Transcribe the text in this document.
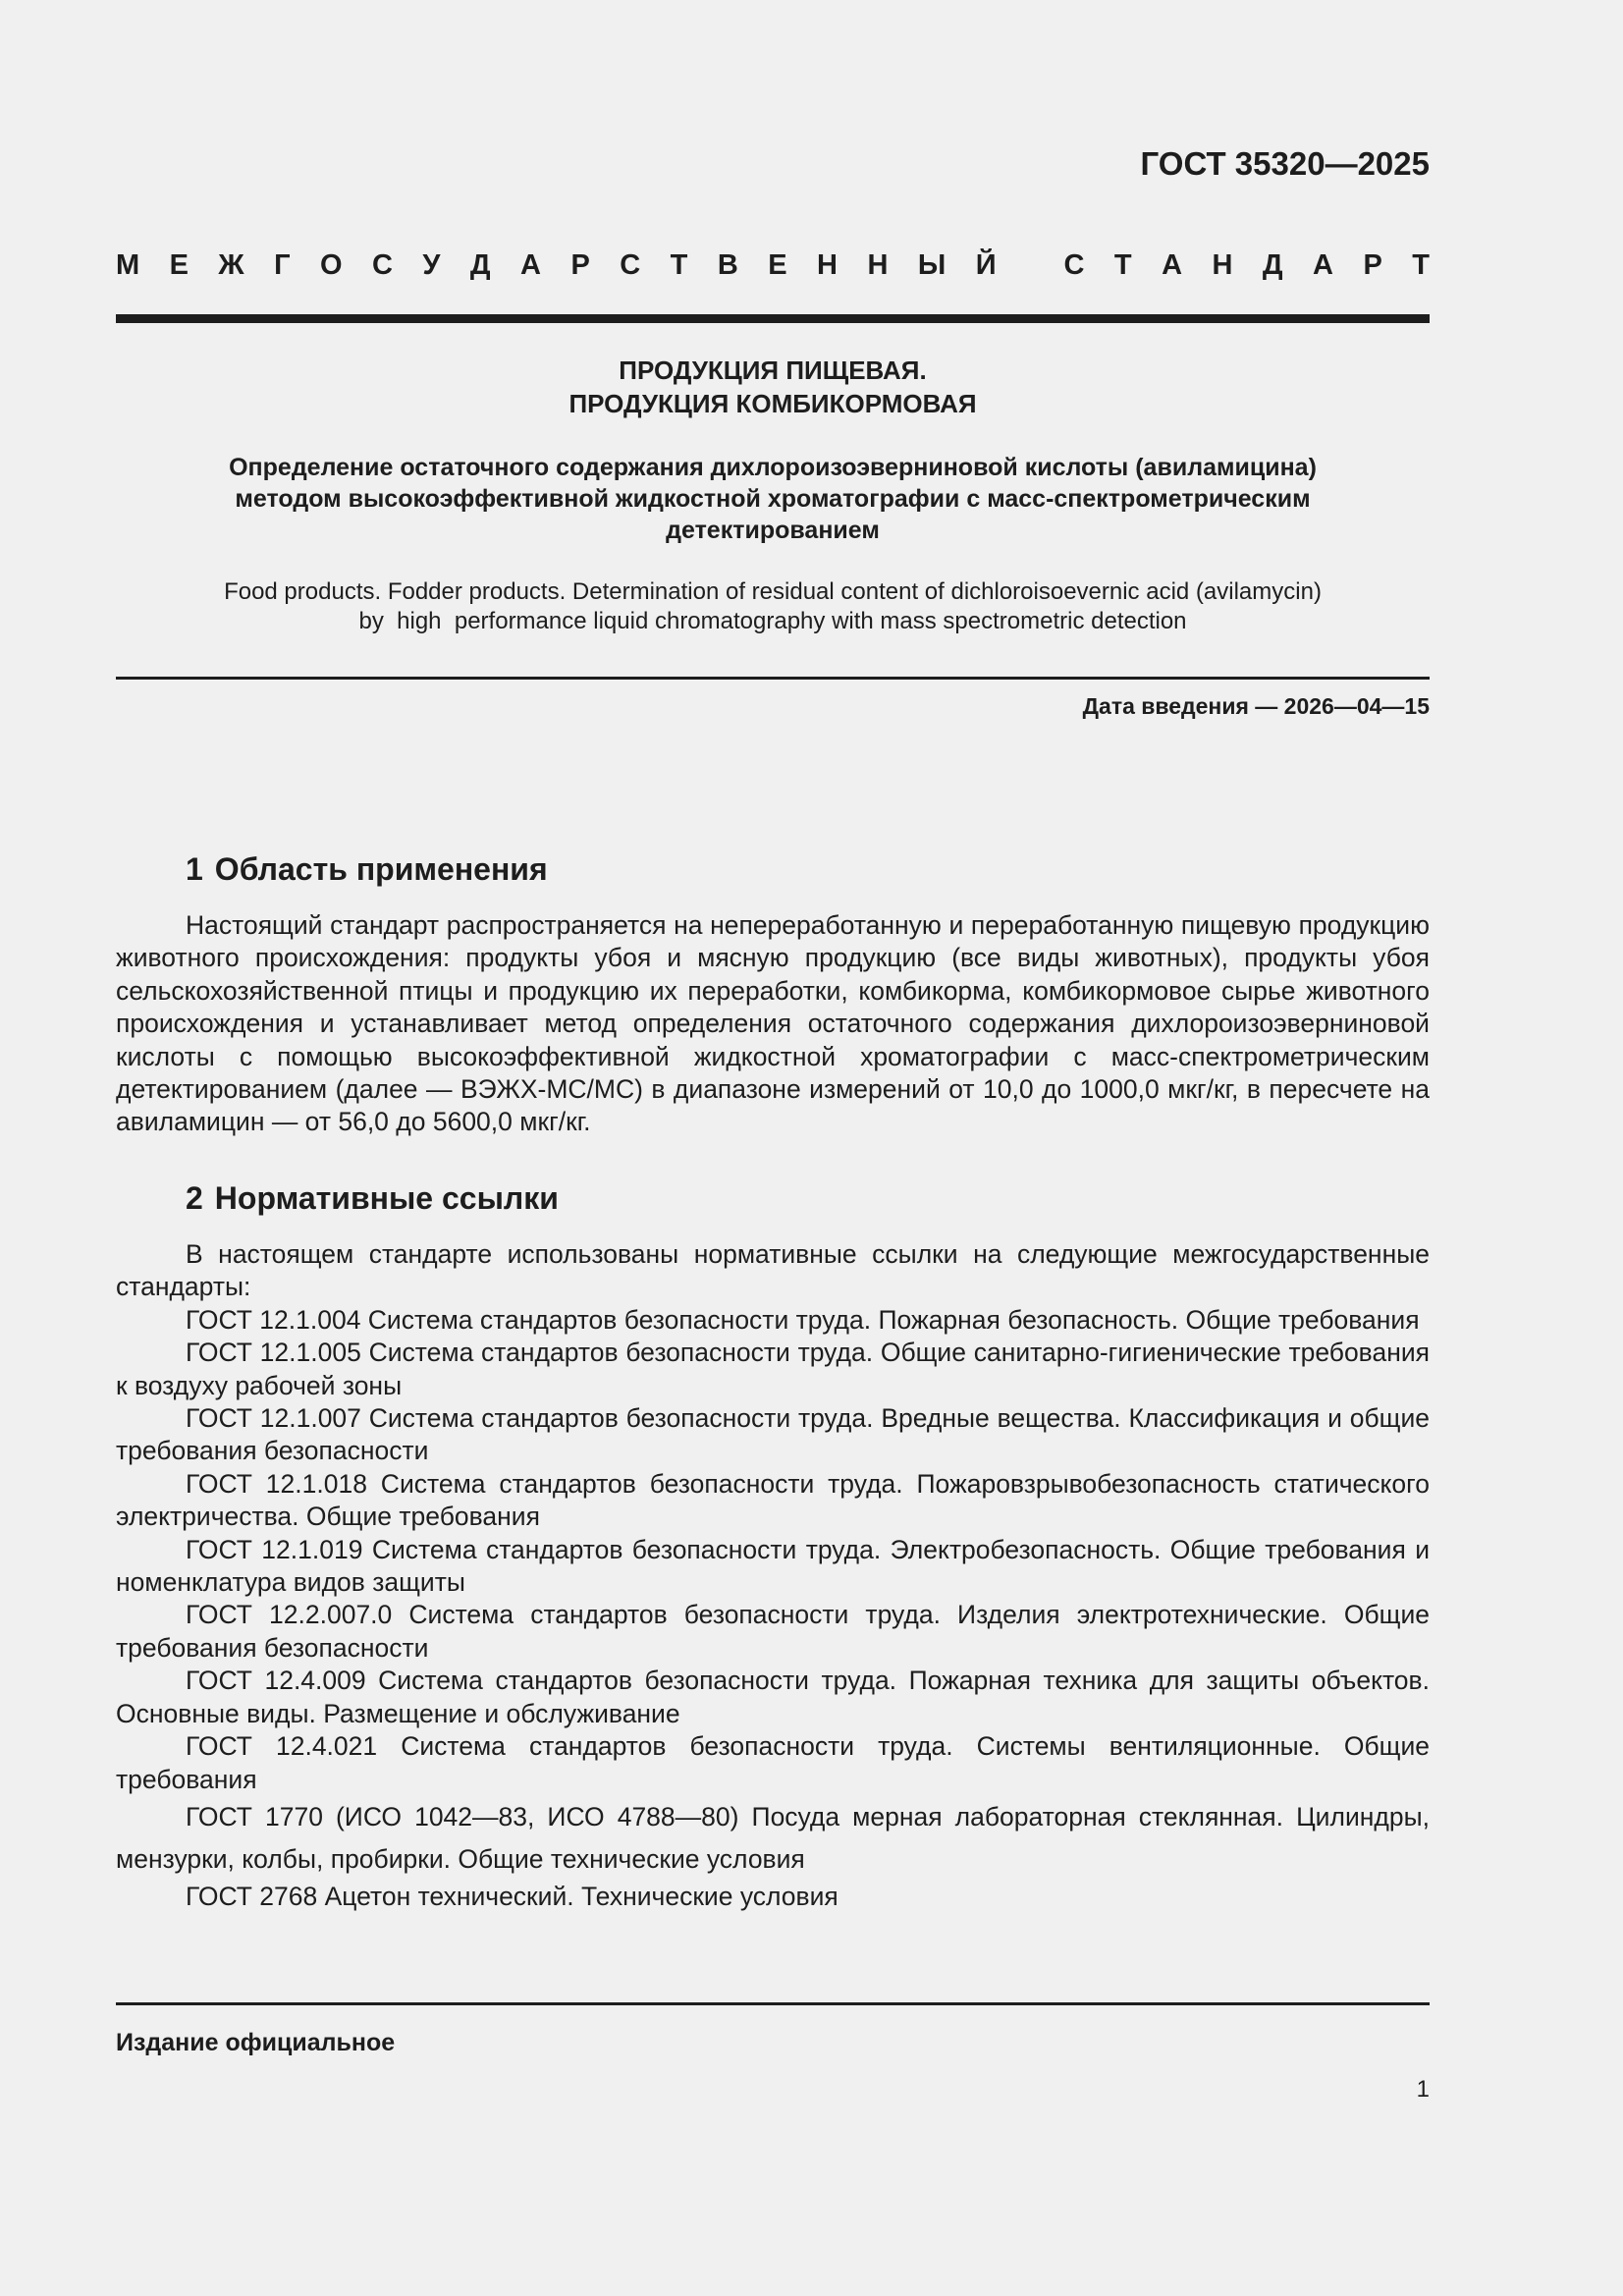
ГОСТ 35320—2025
М Е Ж Г О С У Д А Р С Т В Е Н Н Ы Й
С Т А Н Д А Р Т
ПРОДУКЦИЯ ПИЩЕВАЯ.
ПРОДУКЦИЯ КОМБИКОРМОВАЯ
Определение остаточного содержания дихлороизоэверниновой кислоты (авиламицина)
методом высокоэффективной жидкостной хроматографии с масс-спектрометрическим
детектированием
Food products. Fodder products. Determination of residual content of dichloroisoevernic acid (avilamycin)
by  high  performance liquid chromatography with mass spectrometric detection
Дата введения — 2026—04—15
1 Область применения

Настоящий стандарт распространяется на непереработанную и переработанную пищевую продукцию животного происхождения: продукты убоя и мясную продукцию (все виды животных), продукты убоя сельскохозяйственной птицы и продукцию их переработки, комбикорма, комбикормовое сырье животного происхождения и устанавливает метод определения остаточного содержания дихлороизоэверниновой кислоты с помощью высокоэффективной жидкостной хроматографии с масс-спектрометрическим детектированием (далее — ВЭЖХ-МС/МС) в диапазоне измерений от 10,0 до 1000,0 мкг/кг, в пересчете на авиламицин — от 56,0 до 5600,0 мкг/кг.

2 Нормативные ссылки

В настоящем стандарте использованы нормативные ссылки на следующие межгосударственные стандарты:

ГОСТ 12.1.004 Система стандартов безопасности труда. Пожарная безопасность. Общие требования

ГОСТ 12.1.005 Система стандартов безопасности труда. Общие санитарно-гигиенические требования к воздуху рабочей зоны

ГОСТ 12.1.007 Система стандартов безопасности труда. Вредные вещества. Классификация и общие требования безопасности

ГОСТ 12.1.018 Система стандартов безопасности труда. Пожаровзрывобезопасность статического электричества. Общие требования

ГОСТ 12.1.019 Система стандартов безопасности труда. Электробезопасность. Общие требования и номенклатура видов защиты

ГОСТ 12.2.007.0 Система стандартов безопасности труда. Изделия электротехнические. Общие требования безопасности

ГОСТ 12.4.009 Система стандартов безопасности труда. Пожарная техника для защиты объектов. Основные виды. Размещение и обслуживание

ГОСТ 12.4.021 Система стандартов безопасности труда. Системы вентиляционные. Общие требования

ГОСТ 1770 (ИСО 1042—83, ИСО 4788—80) Посуда мерная лабораторная стеклянная. Цилиндры, мензурки, колбы, пробирки. Общие технические условия

ГОСТ 2768 Ацетон технический. Технические условия

Издание официальное
1
